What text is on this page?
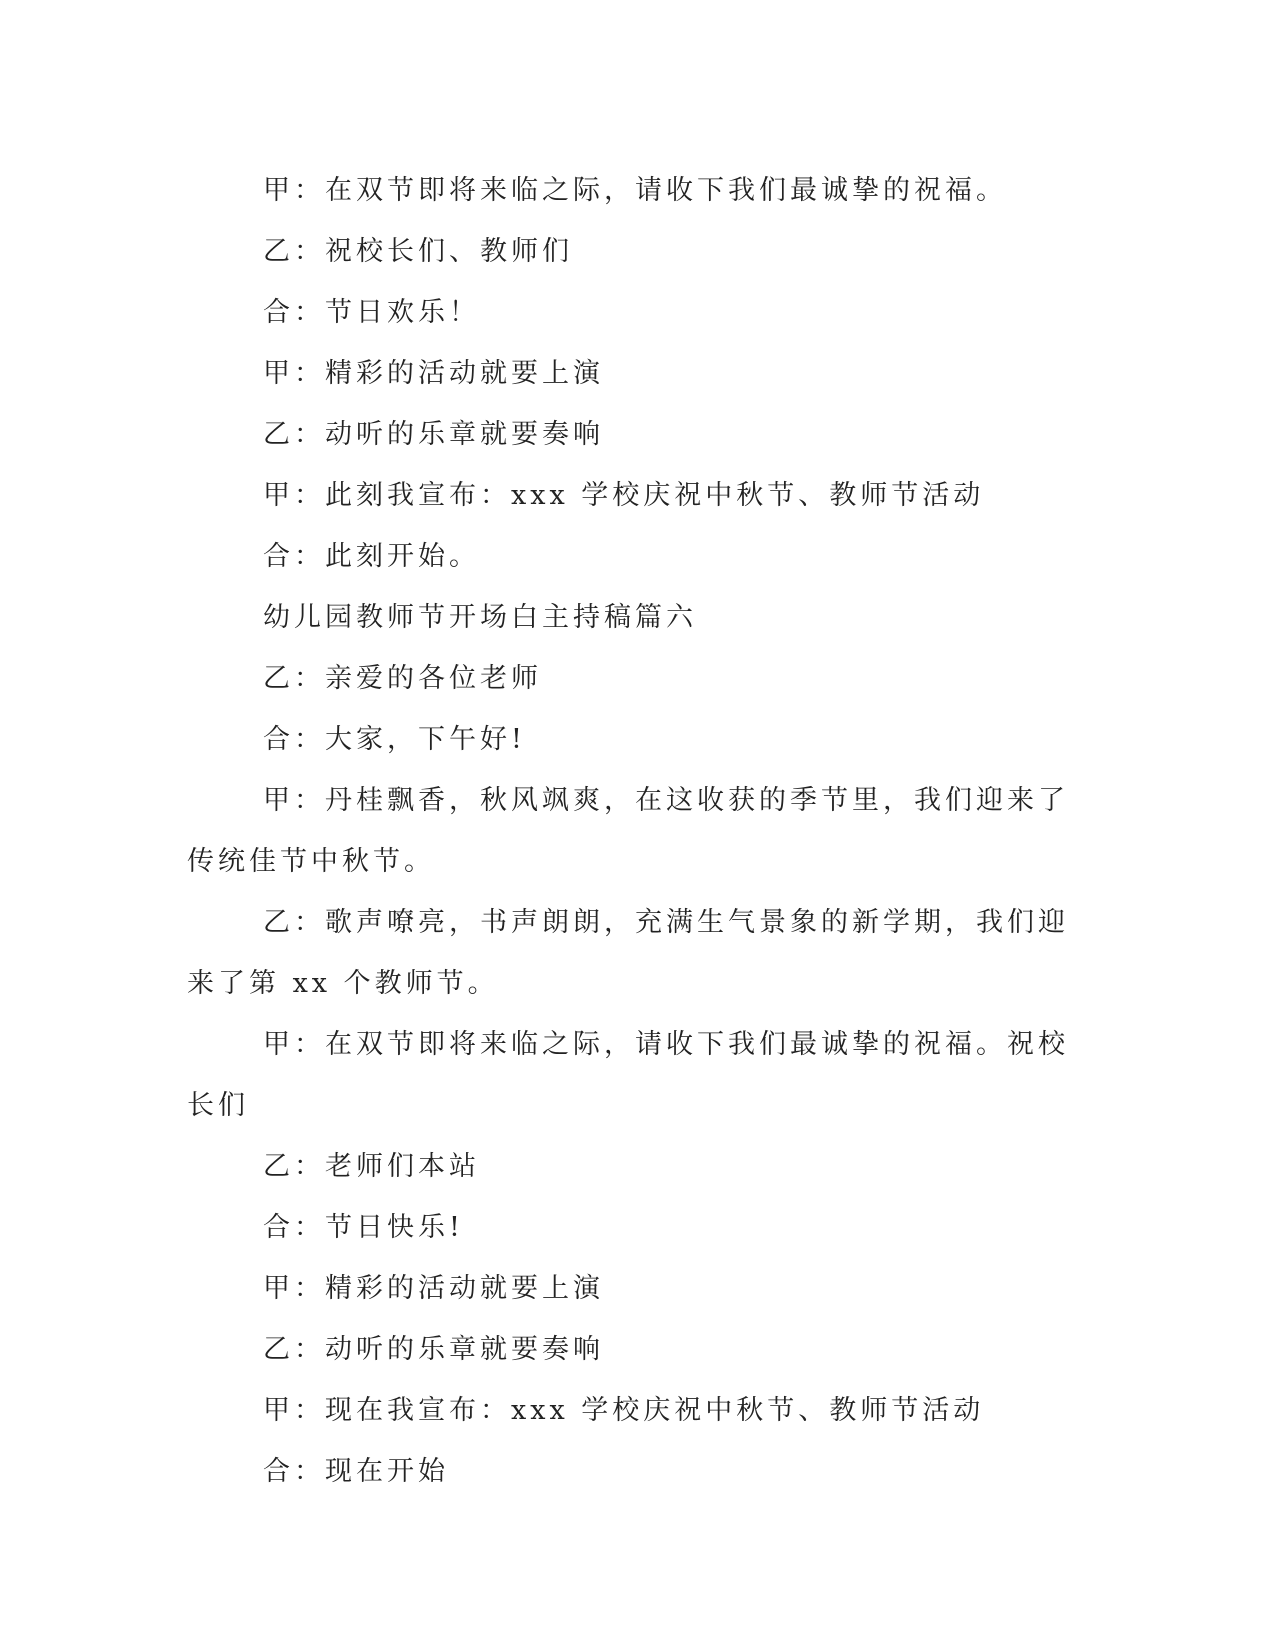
甲：在双节即将来临之际，请收下我们最诚挚的祝福。

乙：祝校长们、教师们

合：节日欢乐！

甲：精彩的活动就要上演

乙：动听的乐章就要奏响

甲：此刻我宣布：xxx 学校庆祝中秋节、教师节活动

合：此刻开始。

幼儿园教师节开场白主持稿篇六

乙：亲爱的各位老师

合：大家，下午好!

甲：丹桂飘香，秋风飒爽，在这收获的季节里，我们迎来了传统佳节中秋节。

乙：歌声嘹亮，书声朗朗，充满生气景象的新学期，我们迎来了第 xx 个教师节。

甲：在双节即将来临之际，请收下我们最诚挚的祝福。祝校长们

乙：老师们本站

合：节日快乐!

甲：精彩的活动就要上演

乙：动听的乐章就要奏响

甲：现在我宣布：xxx 学校庆祝中秋节、教师节活动

合：现在开始
